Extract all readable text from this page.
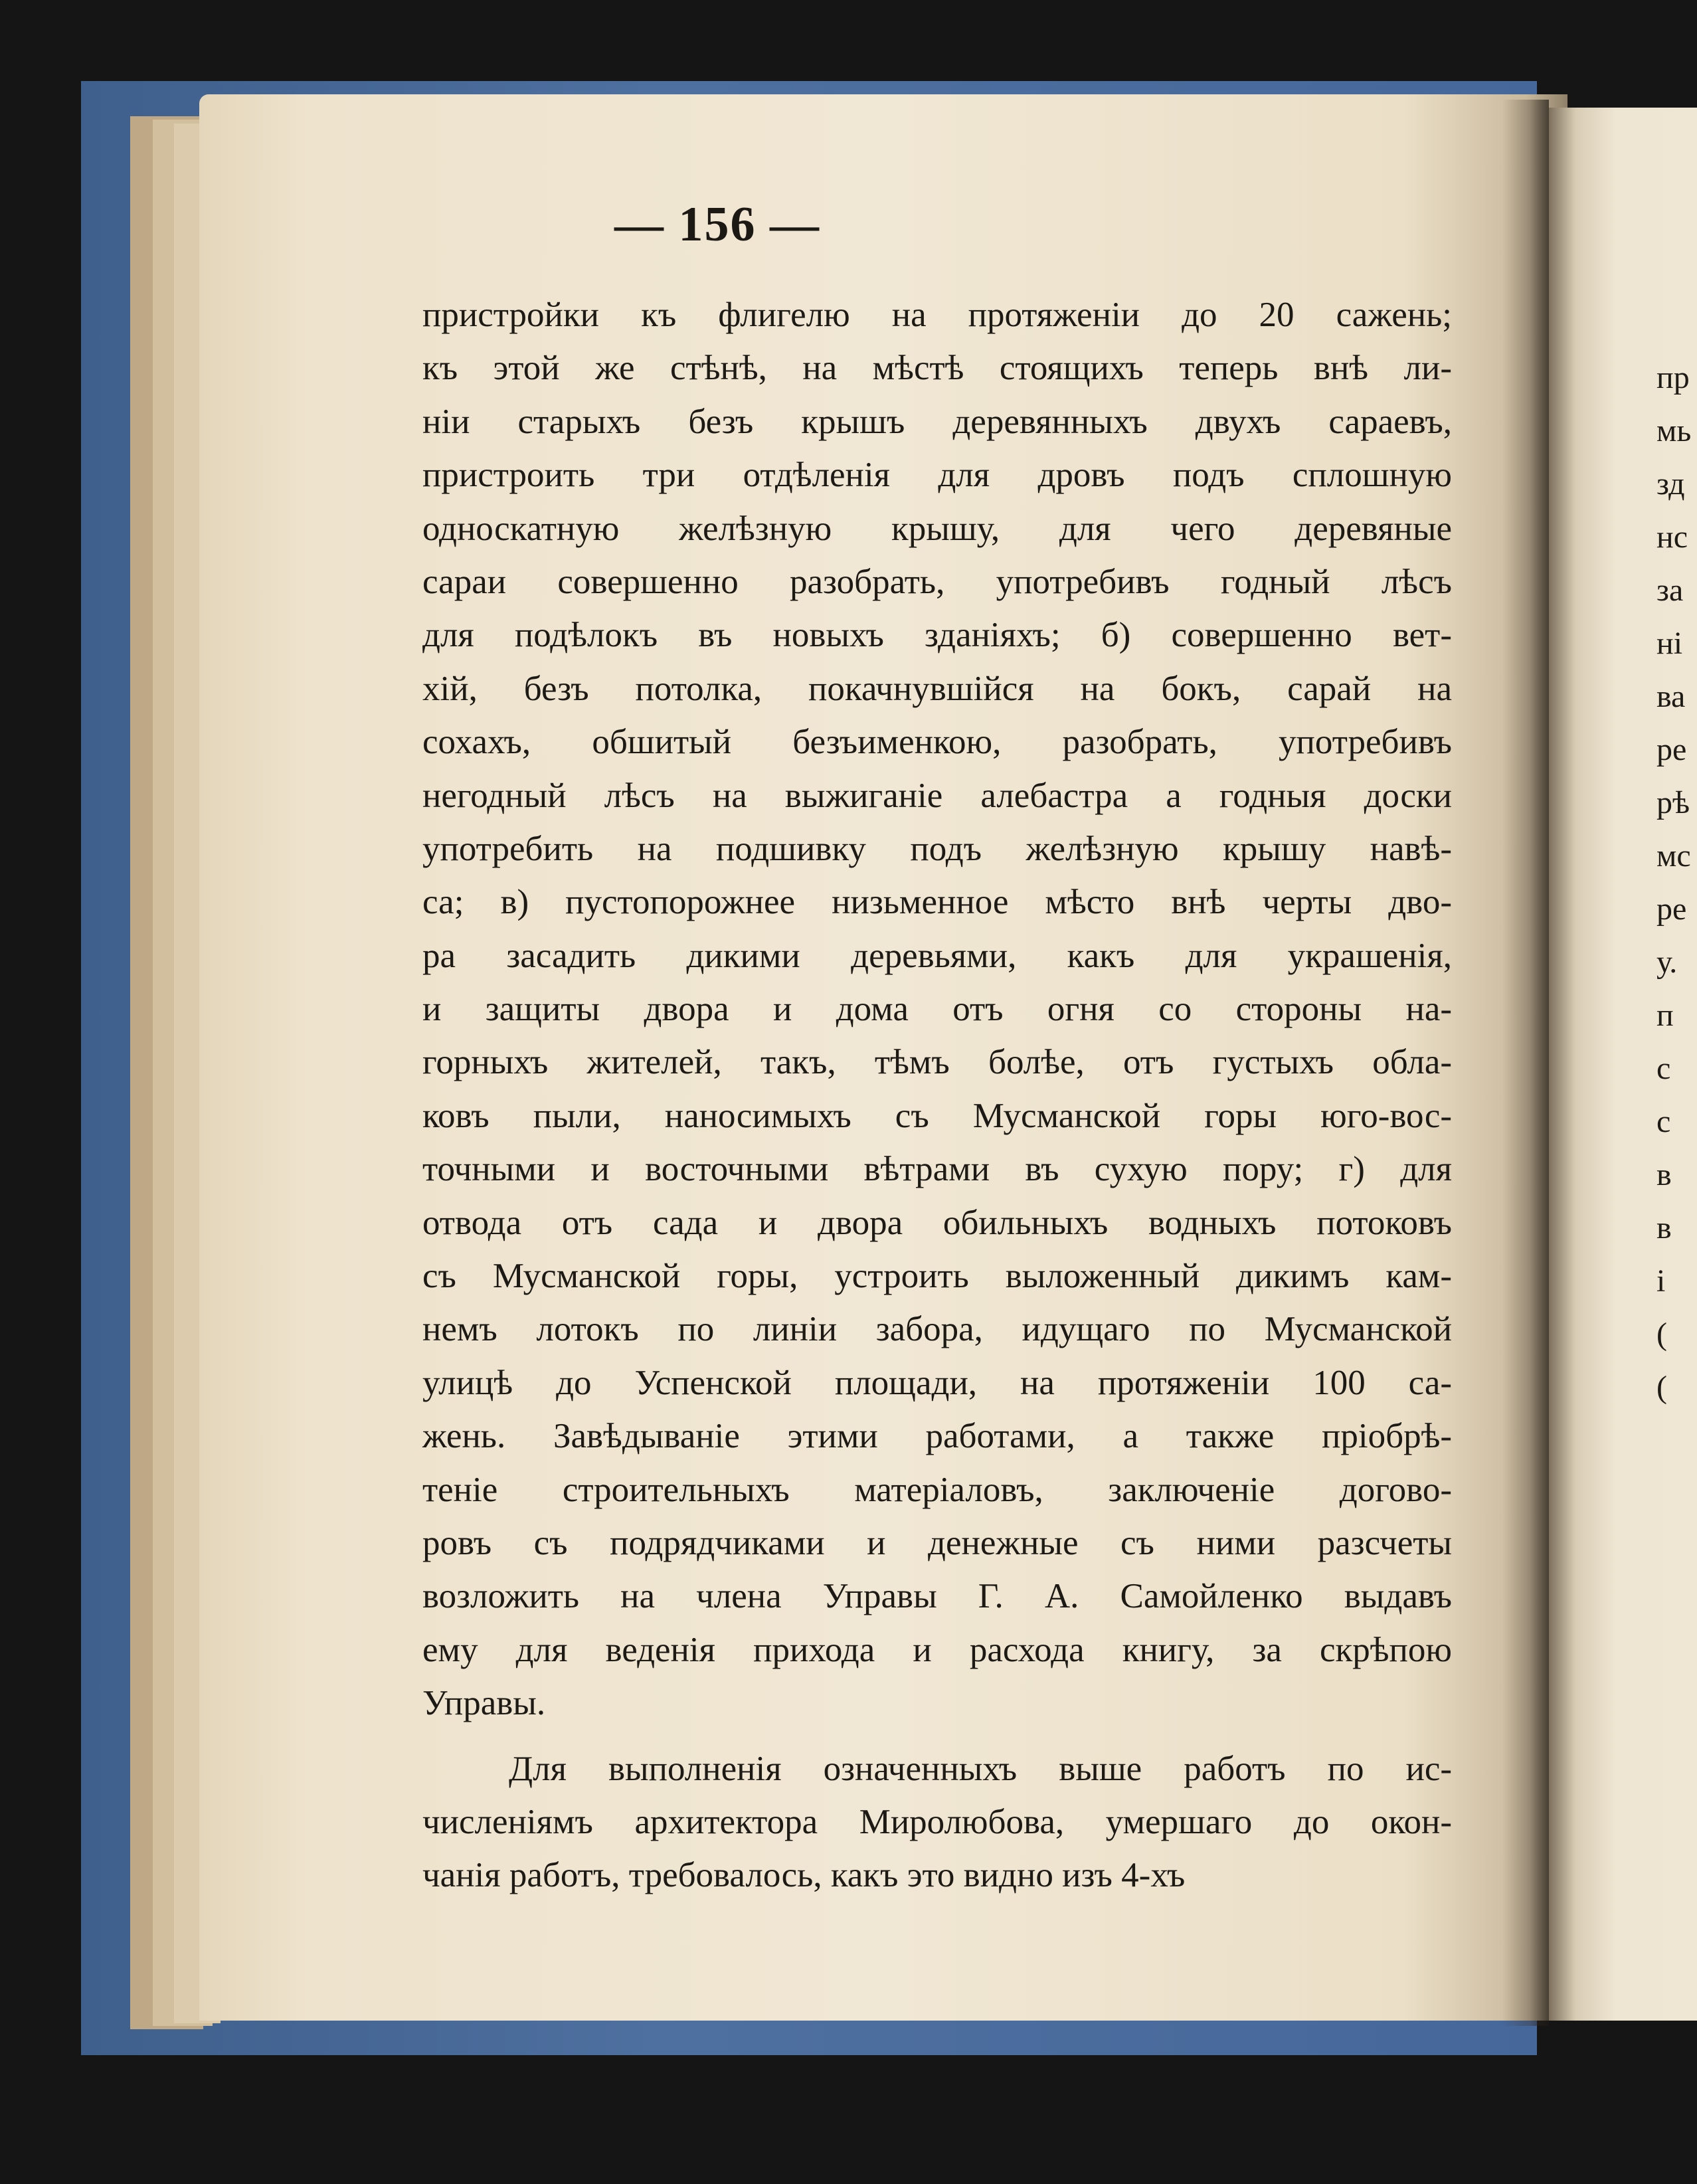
пр
мь
зд
нс
за
ні
ва
ре
рѣ
мс
ре
у.
п
с
с
в
в
і
(
(
— 156 —
пристройки къ флигелю на протяженіи до 20 сажень;
къ этой же стѣнѣ, на мѣстѣ стоящихъ теперь внѣ ли-
ніи старыхъ безъ крышъ деревянныхъ двухъ сараевъ,
пристроить три отдѣленія для дровъ подъ сплошную
односкатную желѣзную крышу, для чего деревяные
сараи совершенно разобрать, употребивъ годный лѣсъ
для подѣлокъ въ новыхъ зданіяхъ; б) совершенно вет-
хій, безъ потолка, покачнувшійся на бокъ, сарай на
сохахъ, обшитый безъименкою, разобрать, употребивъ
негодный лѣсъ на выжиганіе алебастра а годныя доски
употребить на подшивку подъ желѣзную крышу навѣ-
са; в) пустопорожнее низьменное мѣсто внѣ черты дво-
ра засадить дикими деревьями, какъ для украшенія,
и защиты двора и дома отъ огня со стороны на-
горныхъ жителей, такъ, тѣмъ болѣе, отъ густыхъ обла-
ковъ пыли, наносимыхъ съ Мусманской горы юго-вос-
точными и восточными вѣтрами въ сухую пору; г) для
отвода отъ сада и двора обильныхъ водныхъ потоковъ
съ Мусманской горы, устроить выложенный дикимъ кам-
немъ лотокъ по линіи забора, идущаго по Мусманской
улицѣ до Успенской площади, на протяженіи 100 са-
жень. Завѣдываніе этими работами, а также пріобрѣ-
теніе строительныхъ матеріаловъ, заключеніе догово-
ровъ съ подрядчиками и денежные съ ними разсчеты
возложить на члена Управы Г. А. Самойленко выдавъ
ему для веденія прихода и расхода книгу, за скрѣпою
Управы.
Для выполненія означенныхъ выше работъ по ис-
численіямъ архитектора Миролюбова, умершаго до окон-
чанія работъ, требовалось, какъ это видно изъ 4-хъ
